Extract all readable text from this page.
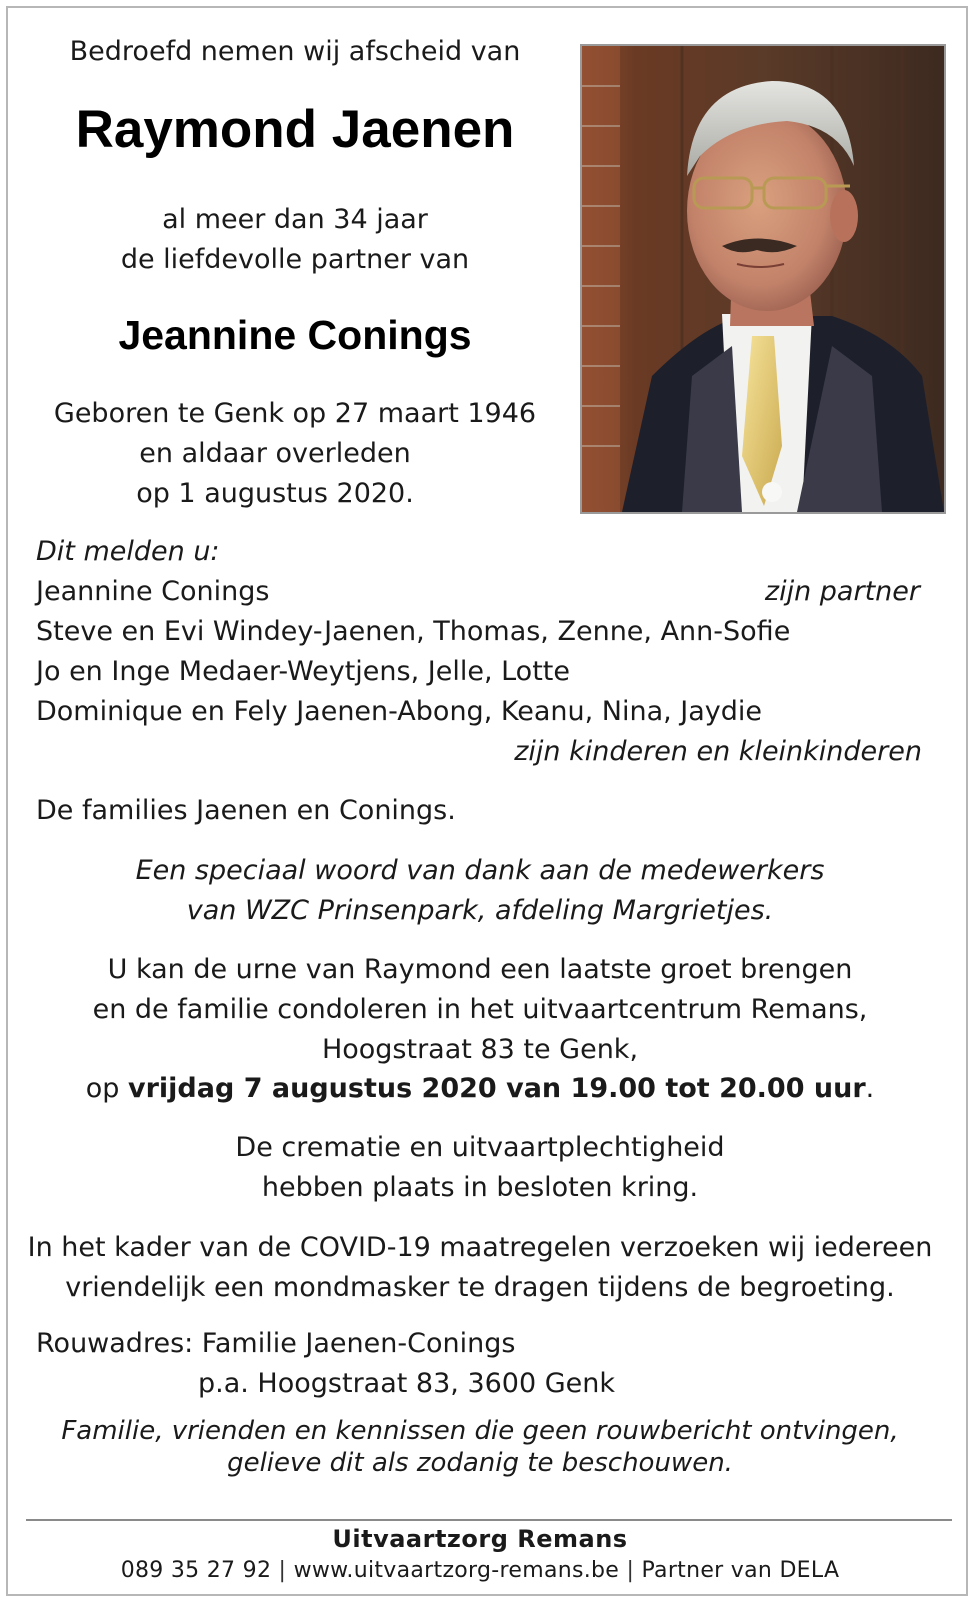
Bedroefd nemen wij afscheid van
Raymond Jaenen
al meer dan 34 jaar
de liefdevolle partner van
Jeannine Conings
Geboren te Genk op 27 maart 1946
en aldaar overleden
op 1 augustus 2020.
Dit melden u:
Jeannine Conings	zijn partner
Steve en Evi Windey-Jaenen, Thomas, Zenne, Ann-Sofie
Jo en Inge Medaer-Weytjens, Jelle, Lotte
Dominique en Fely Jaenen-Abong, Keanu, Nina, Jaydie
zijn kinderen en kleinkinderen
De families Jaenen en Conings.
Een speciaal woord van dank aan de medewerkers
van WZC Prinsenpark, afdeling Margrietjes.
U kan de urne van Raymond een laatste groet brengen
en de familie condoleren in het uitvaartcentrum Remans,
Hoogstraat 83 te Genk,
op vrijdag 7 augustus 2020 van 19.00 tot 20.00 uur.
De crematie en uitvaartplechtigheid
hebben plaats in besloten kring.
In het kader van de COVID-19 maatregelen verzoeken wij iedereen
vriendelijk een mondmasker te dragen tijdens de begroeting.
Rouwadres: Familie Jaenen-Conings
p.a. Hoogstraat 83, 3600 Genk
Familie, vrienden en kennissen die geen rouwbericht ontvingen,
gelieve dit als zodanig te beschouwen.
Uitvaartzorg Remans
089 35 27 92 | www.uitvaartzorg-remans.be | Partner van DELA
